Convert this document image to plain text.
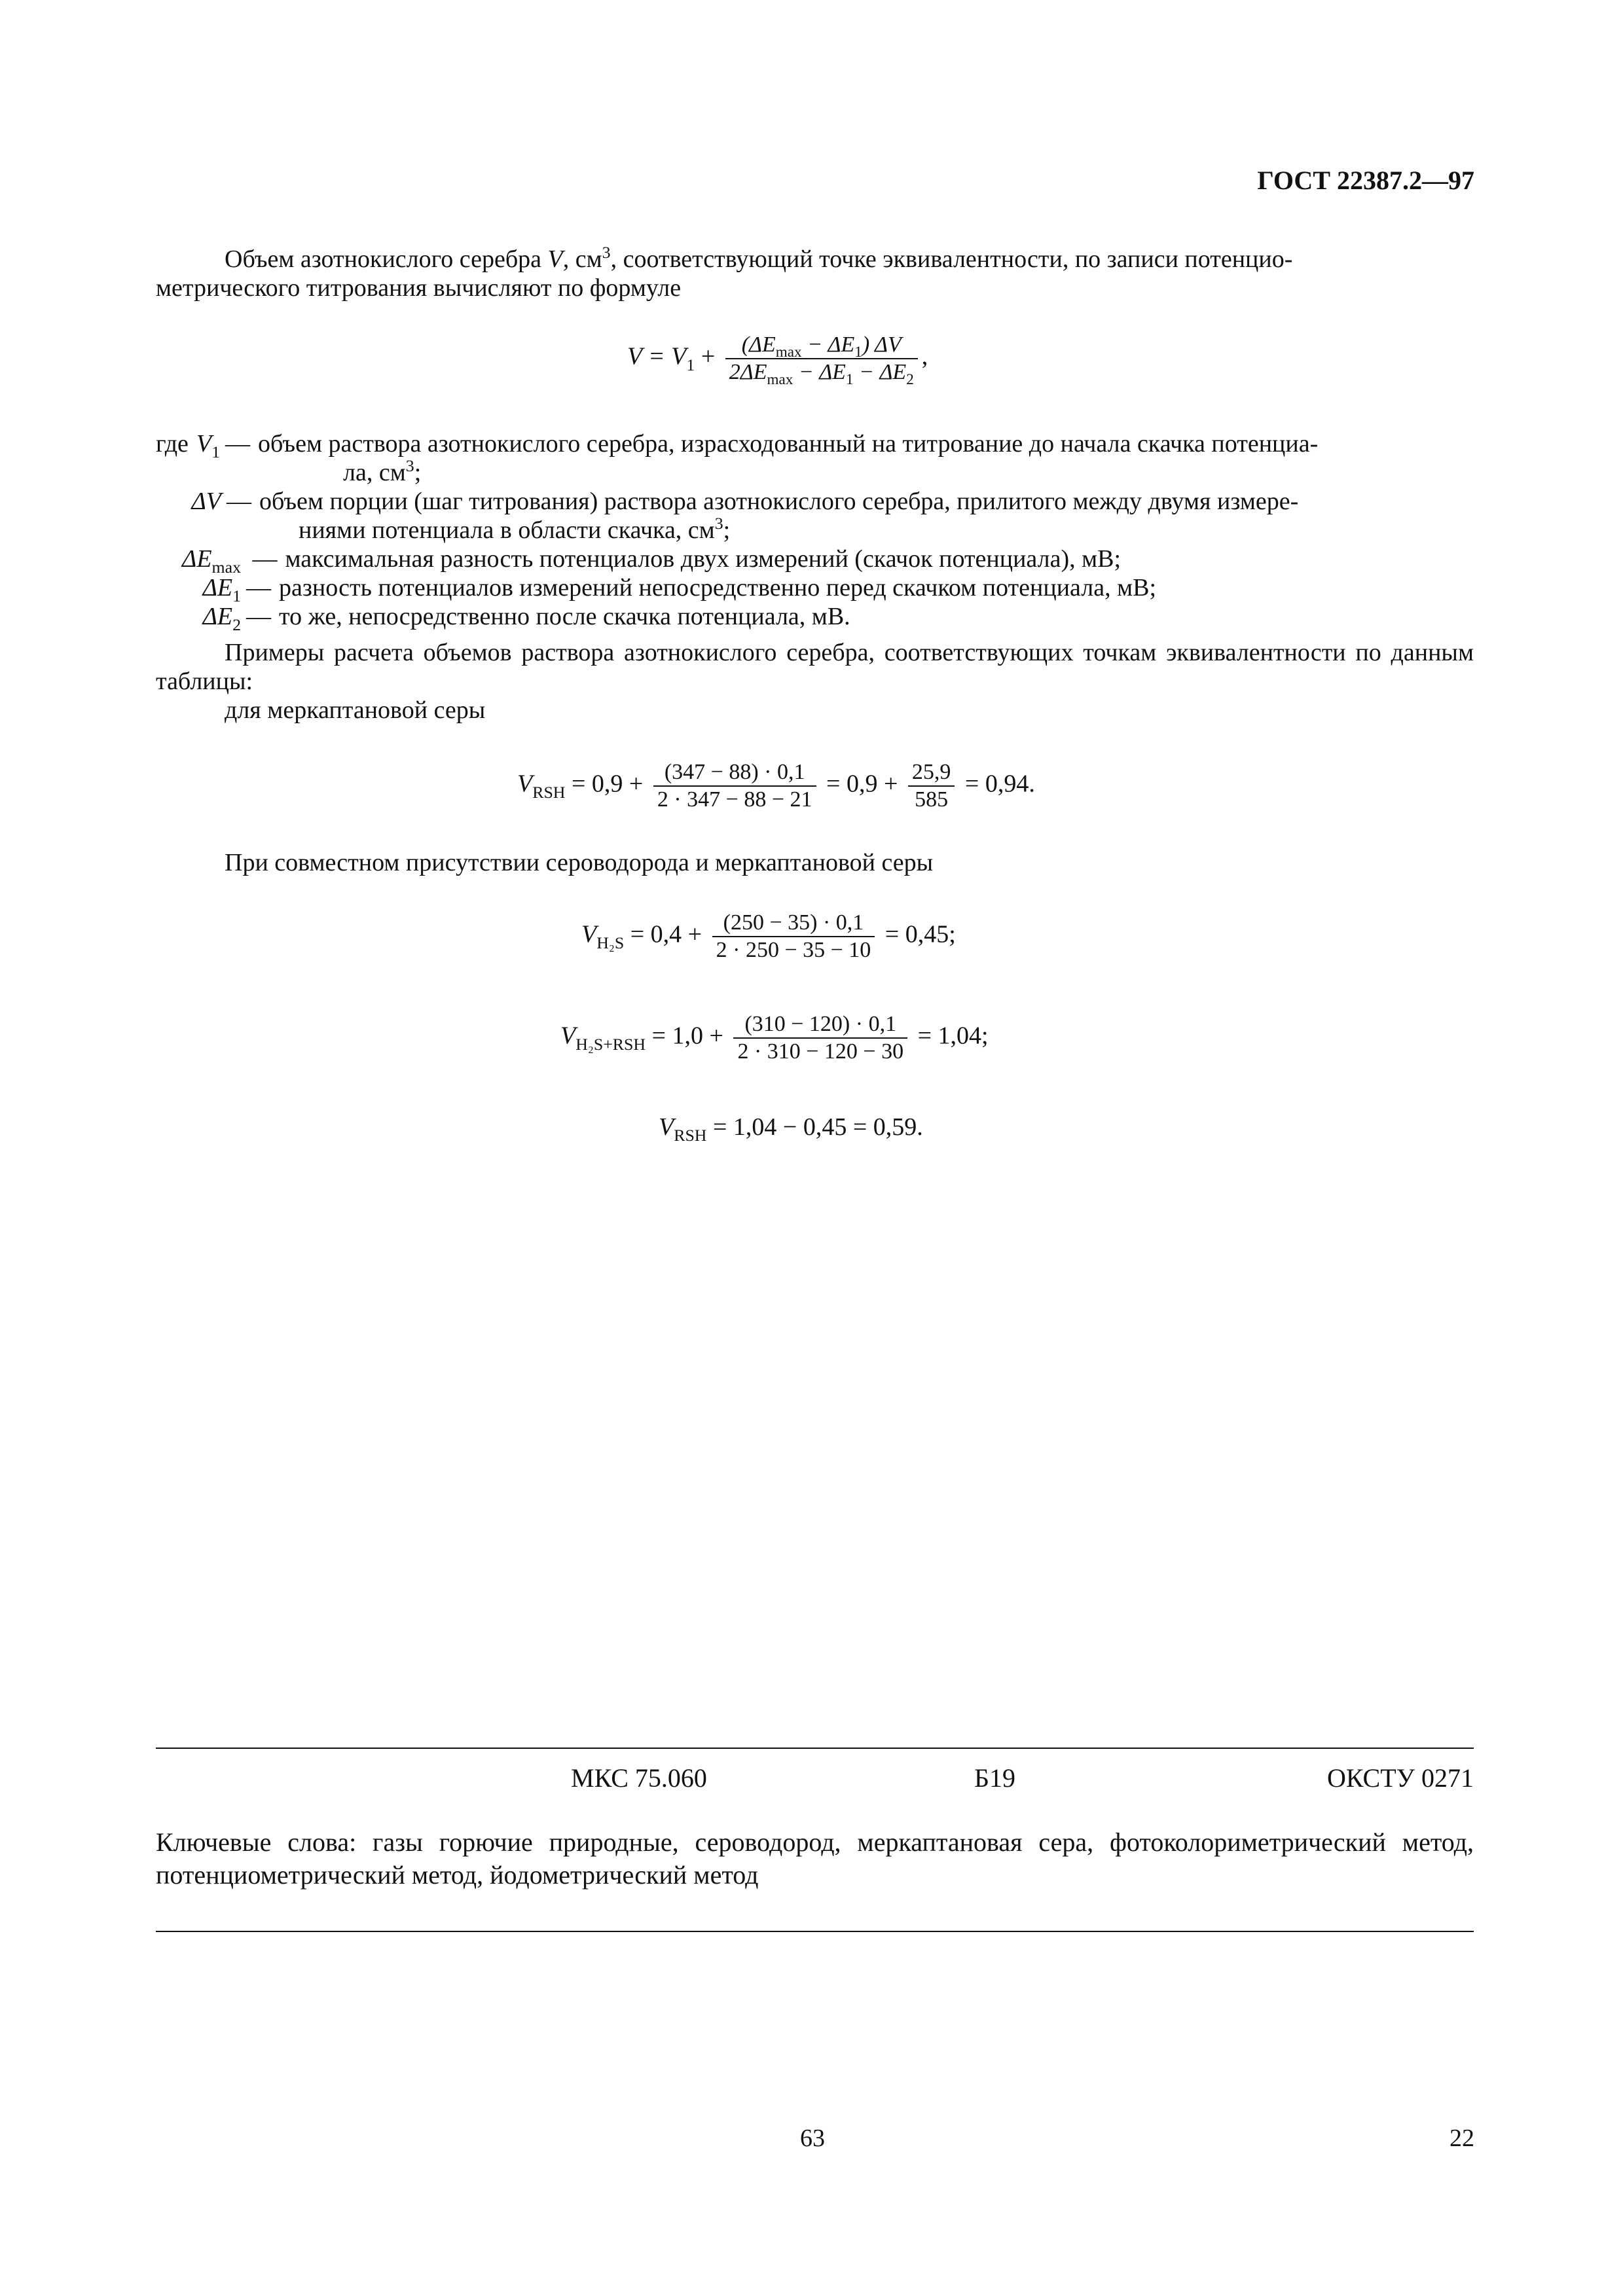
ГОСТ 22387.2—97
Объем азотнокислого серебра V, $см^3$, соответствующий точке эквивалентности, по записи потенцио-
метрического титрования вычисляют по формуле
$V = V_1 + \frac{(\Delta E_{max} - \Delta E_1) \Delta V}{2\Delta E_{max} - \Delta E_1 - \Delta E_2}$ ,
где $V_1$ — объем раствора азотнокислого серебра, израсходованный на титрование до начала скачка потенциа-
ла, $см^3$;
ΔV — объем порции (шаг титрования) раствора азотнокислого серебра, прилитого между двумя измере-
ниями потенциала в области скачка, $см^3$;
$\Delta E_{max}$ — максимальная разность потенциалов двух измерений (скачок потенциала), мВ;
$\Delta E_1$ — разность потенциалов измерений непосредственно перед скачком потенциала, мВ;
$\Delta E_2$ — то же, непосредственно после скачка потенциала, мВ.
Примеры расчета объемов раствора азотнокислого серебра, соответствующих точкам эквивалентности по данным таблицы:
для меркаптановой серы
$V_{RSH} = 0,9 + \frac{(347 - 88) \cdot 0,1}{2 \cdot 347 - 88 - 21} = 0,9 + \frac{25,9}{585} = 0,94$.
При совместном присутствии сероводорода и меркаптановой серы
$V_{H_2S} = 0,4 + \frac{(250 - 35) \cdot 0,1}{2 \cdot 250 - 35 - 10} = 0,45$;
$V_{H_2S+RSH} = 1,0 + \frac{(310 - 120) \cdot 0,1}{2 \cdot 310 - 120 - 30} = 1,04$;
$V_{RSH} = 1,04 - 0,45 = 0,59$.
МКС 75.060	Б19	ОКСТУ 0271
Ключевые слова: газы горючие природные, сероводород, меркаптановая сера, фотоколориметрический метод, потенциометрический метод, йодометрический метод
63	22
